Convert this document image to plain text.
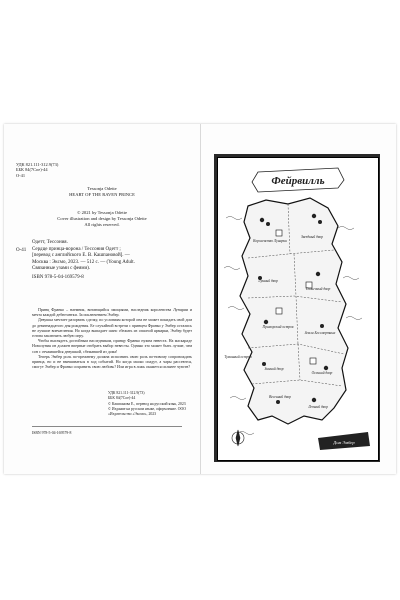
УДК 821.111-312.9(73)
ББК 84(7Сое)-44
О-41
Tessonja Odette
HEART OF THE RAVEN PRINCE
© 2021 by Tessonja Odette
Cover illustration and design by Tessonja Odette
All rights reserved.
Одетт, Тессония.
Сердце принца-ворона / Тессония Одетт ;
[перевод с английского Е. В. Кашпановой]. —
Москва : Эксмо, 2023. — 512 с. — (Young Adult.
Связанные узами с феями).
ISBN 978-5-04-169579-8
О-41

Принц Франко – наемник, витающийся эмоциями, наследник королевства Лунарии и мечта каждой дебютантки. За исключением Эмбер.

Девушка мечтает разорвать сделку, по условиям которой она не может покидать свой дом до девятнадцатого дня рождения. Ее случайной встречи с принцем Франко у Эмбер остались не лучшие впечатления. Но когда выпадает шанс сбежать из опасной ярмарки, Эмбер будет готова заключить любую игру.

Чтобы выглядеть достойным наследником, принцу Франко нужна невеста. На маскараде Новолуния он должен впервые отобрать выбор невесты. Однако это может быть лучше, чем сон с отчаявшейся девушкой, сбежавшей из дома!

Теперь Эмбер роль по-прежнему должна исполнять свою роль по-новому сопровождать принца, но и не вмешиваться в ход событий. Но когда маски спадут, а чары рассеются, смогут Эмбер и Франко сохранить свою любовь? Или игра в ложь окажется сильнее чувств?

УДК 821.111-312.9(73)
ББК 84(7Сое)-44
© Кашпанова Е., перевод на русский язык, 2023
© Издание на русском языке, оформление. ООО «Издательство «Эксмо», 2023
ISBN 978-5-04-169579-8
Фейрвилль
Королевство Лунарии
Звездный двор
Лунный двор
Солнечный двор
Приморский остров
Земли Бессмертных
Зимний двор
Осенний двор
Весенний двор
Летний двор
Туманный остров
Дом Эмбер
